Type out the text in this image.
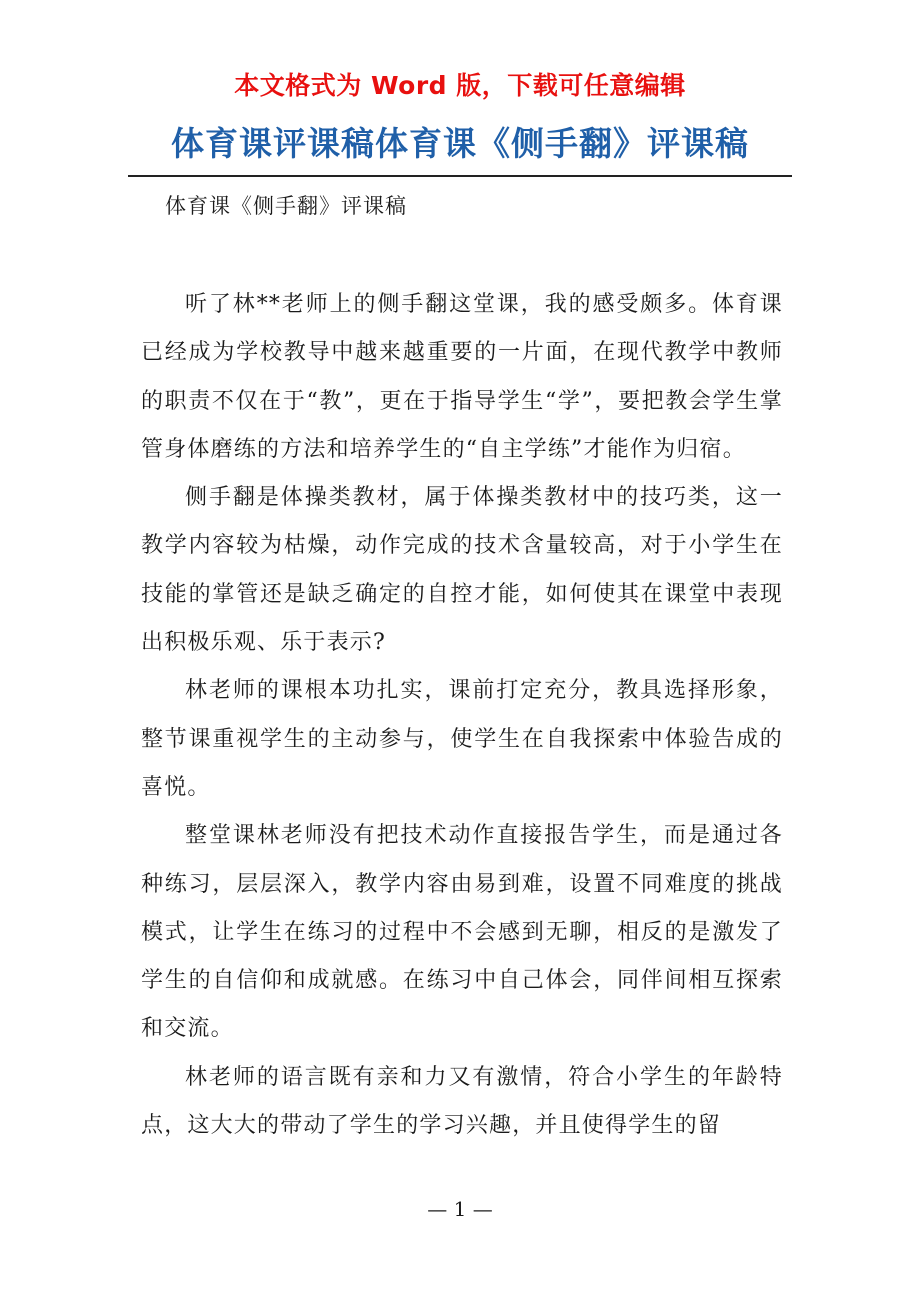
本文格式为 Word 版，下载可任意编辑
体育课评课稿体育课《侧手翻》评课稿
体育课《侧手翻》评课稿

听了林**老师上的侧手翻这堂课，我的感受颇多。体育课已经成为学校教导中越来越重要的一片面，在现代教学中教师的职责不仅在于“教”，更在于指导学生“学”，要把教会学生掌管身体磨练的方法和培养学生的“自主学练”才能作为归宿。

侧手翻是体操类教材，属于体操类教材中的技巧类，这一教学内容较为枯燥，动作完成的技术含量较高，对于小学生在技能的掌管还是缺乏确定的自控才能，如何使其在课堂中表现出积极乐观、乐于表示?

林老师的课根本功扎实，课前打定充分，教具选择形象，整节课重视学生的主动参与，使学生在自我探索中体验告成的喜悦。

整堂课林老师没有把技术动作直接报告学生，而是通过各种练习，层层深入，教学内容由易到难，设置不同难度的挑战模式，让学生在练习的过程中不会感到无聊，相反的是激发了学生的自信仰和成就感。在练习中自己体会，同伴间相互探索和交流。

林老师的语言既有亲和力又有激情，符合小学生的年龄特点，这大大的带动了学生的学习兴趣，并且使得学生的留

— 1 —
